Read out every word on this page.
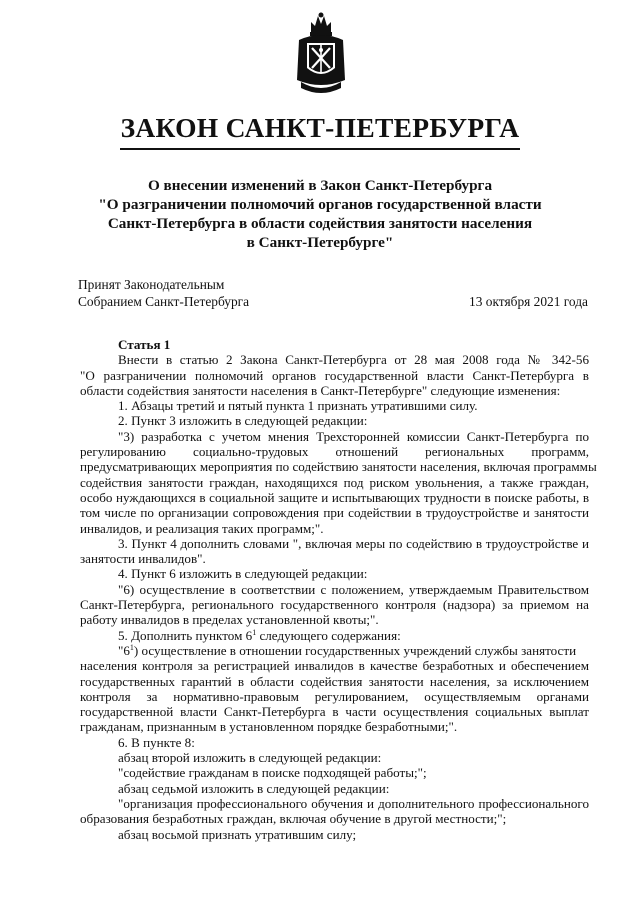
ЗАКОН САНКТ-ПЕТЕРБУРГА
О внесении изменений в Закон Санкт-Петербурга
"О разграничении полномочий органов государственной власти
Санкт-Петербурга в области содействия занятости населения
в Санкт-Петербурге"
Принят Законодательным
Собранием Санкт-Петербурга	13 октября 2021 года
Статья 1
Внести в статью 2 Закона Санкт-Петербурга от 28 мая 2008 года № 342-56
"О разграничении полномочий органов государственной власти Санкт-Петербурга в
области содействия занятости населения в Санкт-Петербурге" следующие изменения:
1. Абзацы третий и пятый пункта 1 признать утратившими силу.
2. Пункт 3 изложить в следующей редакции:
"3) разработка с учетом мнения Трехсторонней комиссии Санкт-Петербурга по
регулированию социально-трудовых отношений региональных программ,
предусматривающих мероприятия по содействию занятости населения, включая программы
содействия занятости граждан, находящихся под риском увольнения, а также граждан,
особо нуждающихся в социальной защите и испытывающих трудности в поиске работы, в
том числе по организации сопровождения при содействии в трудоустройстве и занятости
инвалидов, и реализация таких программ;".
3. Пункт 4 дополнить словами ", включая меры по содействию в трудоустройстве и
занятости инвалидов".
4. Пункт 6 изложить в следующей редакции:
"6) осуществление в соответствии с положением, утверждаемым Правительством
Санкт-Петербурга, регионального государственного контроля (надзора) за приемом на
работу инвалидов в пределах установленной квоты;".
5. Дополнить пунктом $6^1$ следующего содержания:
"$6^1$) осуществление в отношении государственных учреждений службы занятости
населения контроля за регистрацией инвалидов в качестве безработных и обеспечением
государственных гарантий в области содействия занятости населения, за исключением
контроля за нормативно-правовым регулированием, осуществляемым органами
государственной власти Санкт-Петербурга в части осуществления социальных выплат
гражданам, признанным в установленном порядке безработными;".
6. В пункте 8:
абзац второй изложить в следующей редакции:
"содействие гражданам в поиске подходящей работы;";
абзац седьмой изложить в следующей редакции:
"организация профессионального обучения и дополнительного профессионального
образования безработных граждан, включая обучение в другой местности;";
абзац восьмой признать утратившим силу;
